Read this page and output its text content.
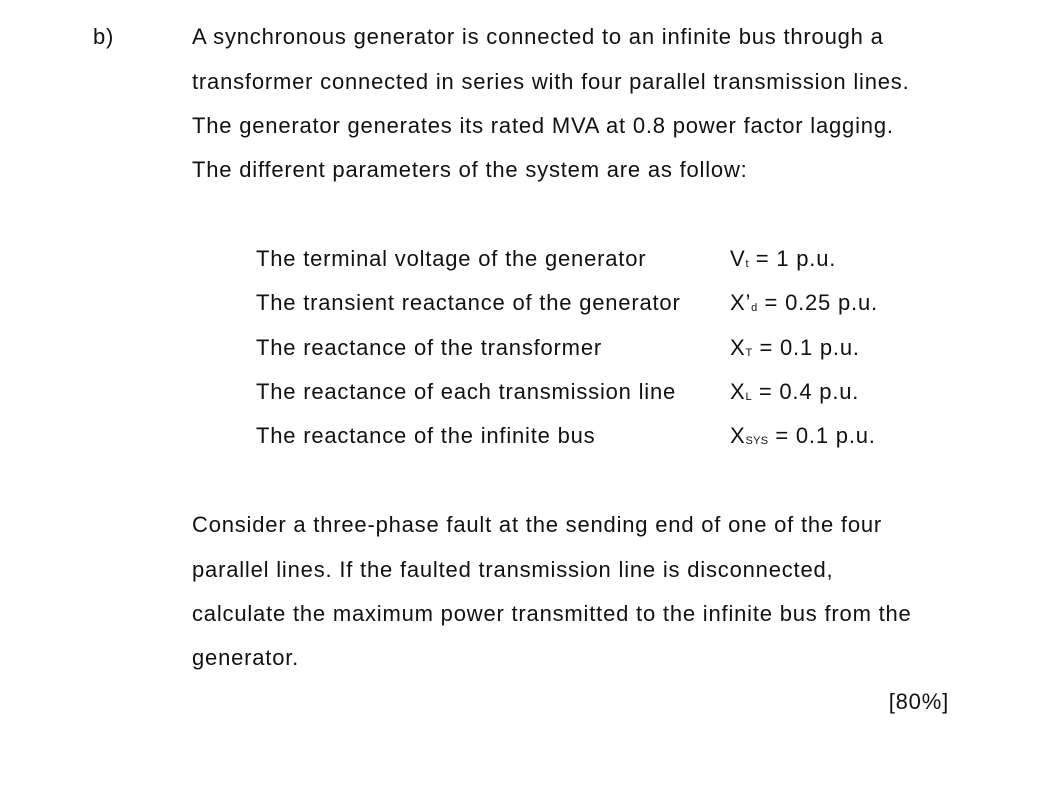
b)	A synchronous generator is connected to an infinite bus through a
transformer connected in series with four parallel transmission lines.
The generator generates its rated MVA at 0.8 power factor lagging.
The different parameters of the system are as follow:
The terminal voltage of the generator	$V_t = 1$ p.u.
The transient reactance of the generator $X’_d = 0.25$ p.u.
The reactance of the transformer	$X_T = 0.1$ p.u.
The reactance of each transmission line $X_L = 0.4$ p.u.
The reactance of the infinite bus	$X_{SYS} = 0.1$ p.u.
Consider a three-phase fault at the sending end of one of the four
parallel lines. If the faulted transmission line is disconnected,
calculate the maximum power transmitted to the infinite bus from the
generator.
[80%]
